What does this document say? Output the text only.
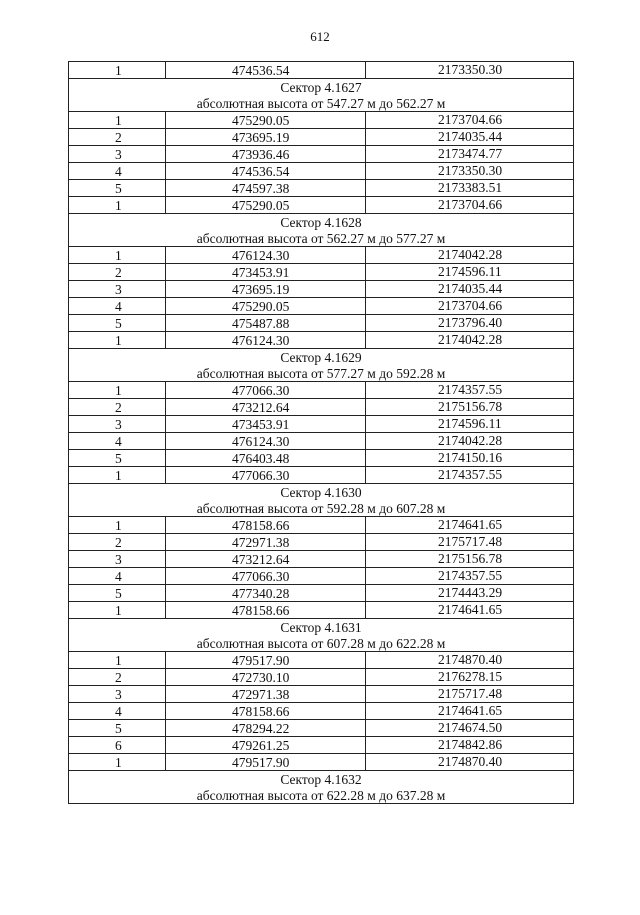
612
1	474536.54	2173350.30
Сектор 4.1627		
абсолютная высота от 547.27 м до 562.27 м		
1	475290.05	2173704.66
2	473695.19	2174035.44
3	473936.46	2173474.77
4	474536.54	2173350.30
5	474597.38	2173383.51
1	475290.05	2173704.66
Сектор 4.1628		
абсолютная высота от 562.27 м до 577.27 м		
1	476124.30	2174042.28
2	473453.91	2174596.11
3	473695.19	2174035.44
4	475290.05	2173704.66
5	475487.88	2173796.40
1	476124.30	2174042.28
Сектор 4.1629		
абсолютная высота от 577.27 м до 592.28 м		
1	477066.30	2174357.55
2	473212.64	2175156.78
3	473453.91	2174596.11
4	476124.30	2174042.28
5	476403.48	2174150.16
1	477066.30	2174357.55
Сектор 4.1630		
абсолютная высота от 592.28 м до 607.28 м		
1	478158.66	2174641.65
2	472971.38	2175717.48
3	473212.64	2175156.78
4	477066.30	2174357.55
5	477340.28	2174443.29
1	478158.66	2174641.65
Сектор 4.1631		
абсолютная высота от 607.28 м до 622.28 м		
1	479517.90	2174870.40
2	472730.10	2176278.15
3	472971.38	2175717.48
4	478158.66	2174641.65
5	478294.22	2174674.50
6	479261.25	2174842.86
1	479517.90	2174870.40
Сектор 4.1632		
абсолютная высота от 622.28 м до 637.28 м		
